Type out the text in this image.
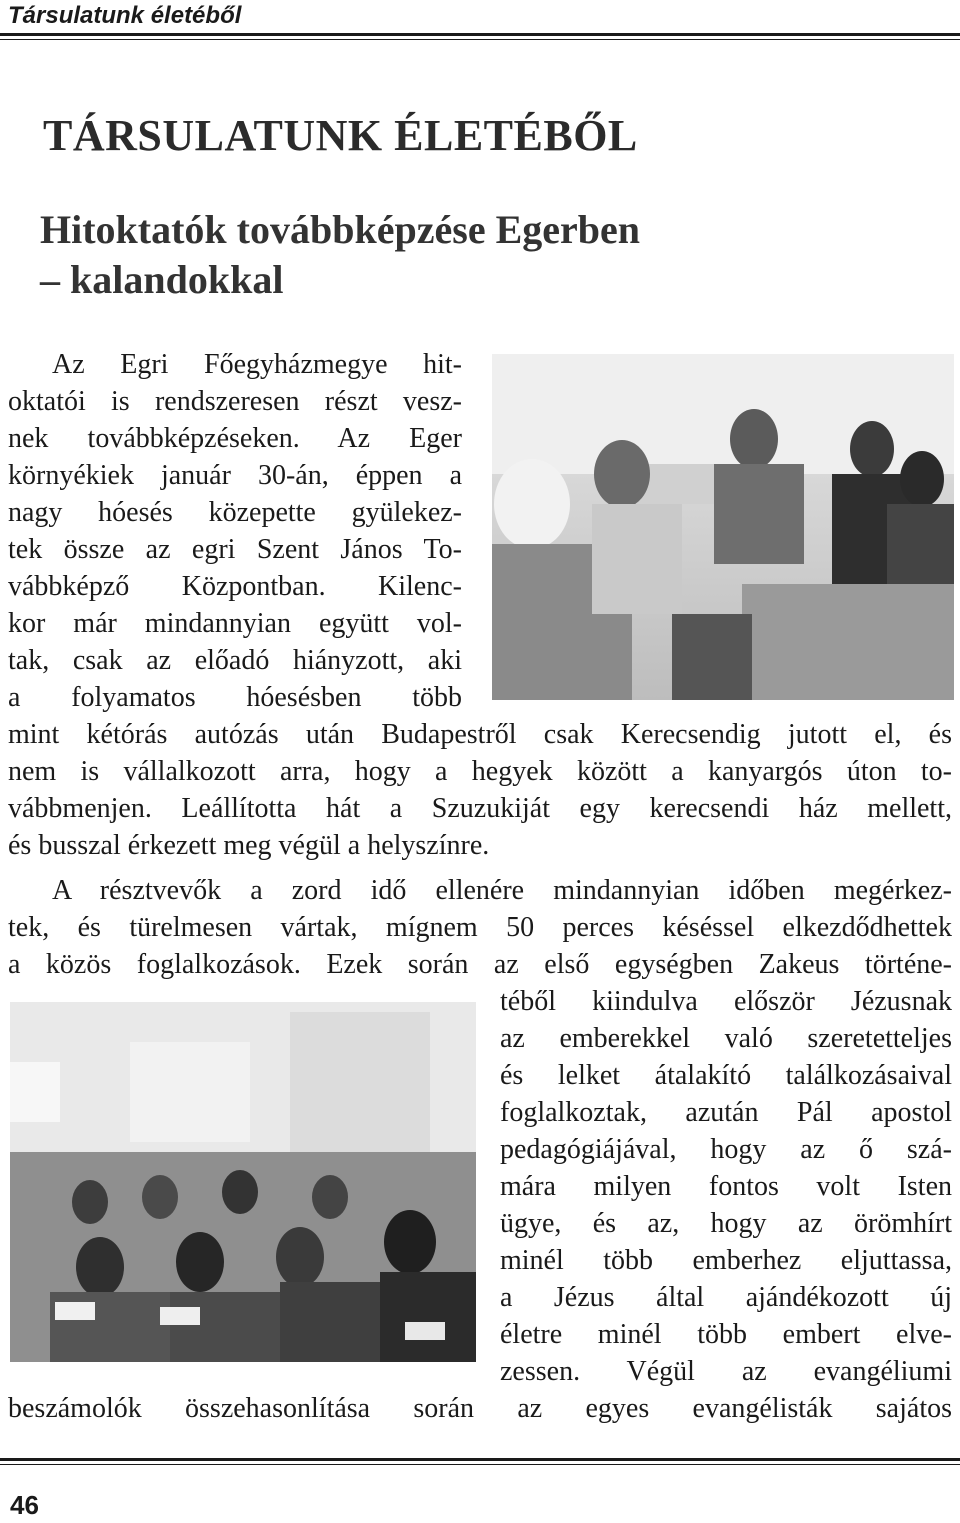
Társulatunk életéből
TÁRSULATUNK ÉLETÉBŐL
Hitoktatók továbbképzése Egerben
– kalandokkal
Az Egri Főegyházmegye hit-
oktatói is rendszeresen részt vesz-
nek továbbképzéseken. Az Eger
környékiek január 30-án, éppen a
nagy hóesés közepette gyülekez-
tek össze az egri Szent János To-
vábbképző Központban. Kilenc-
kor már mindannyian együtt vol-
tak, csak az előadó hiányzott, aki
a folyamatos hóesésben több
mint kétórás autózás után Budapestről csak Kerecsendig jutott el, és
nem is vállalkozott arra, hogy a hegyek között a kanyargós úton to-
vábbmenjen. Leállította hát a Szuzukiját egy kerecsendi ház mellett,
és busszal érkezett meg végül a helyszínre.
A résztvevők a zord idő ellenére mindannyian időben megérkez-
tek, és türelmesen vártak, mígnem 50 perces késéssel elkezdődhettek
a közös foglalkozások. Ezek során az első egységben Zakeus történe-
téből kiindulva először Jézusnak
az emberekkel való szeretetteljes
és lelket átalakító találkozásaival
foglalkoztak, azután Pál apostol
pedagógiájával, hogy az ő szá-
mára milyen fontos volt Isten
ügye, és az, hogy az örömhírt
minél több emberhez eljuttassa,
a Jézus által ajándékozott új
életre minél több embert elve-
zessen. Végül az evangéliumi
beszámolók összehasonlítása során az egyes evangélisták sajátos
46
